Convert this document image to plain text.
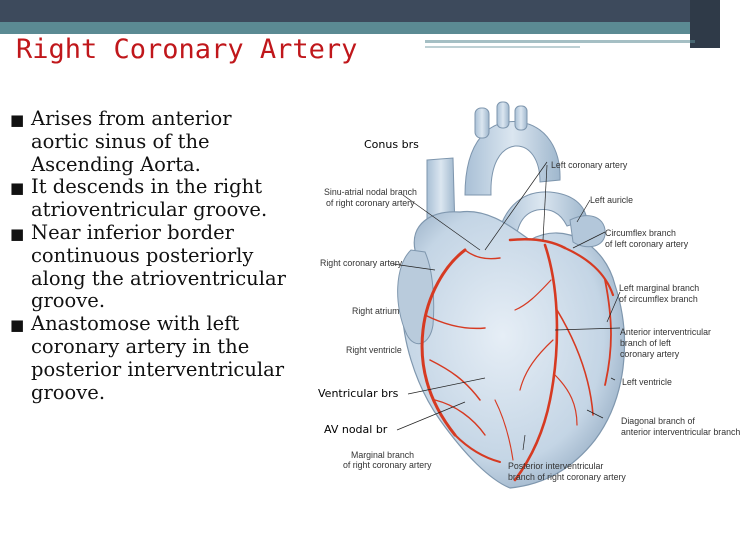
Right Coronary Artery
■ Arises from anterior
aortic sinus of the
Ascending Aorta.
■ It descends in the right
atrioventricular groove.
■ Near inferior border
continuous posteriorly
along the atrioventricular
groove.
■ Anastomose with left
coronary artery in the
posterior interventricular
groove.
Conus brs
Sinu-atrial nodal branch
of right coronary artery
Right coronary artery
Right atrium
Right ventricle
Ventricular brs
AV nodal br
Marginal branch
of right coronary artery
Left coronary artery
Left auricle
Circumflex branch
of left coronary artery
Left marginal branch
of circumflex branch
Anterior interventricular
branch of left
coronary artery
Left ventricle
Diagonal branch of
anterior interventricular branch
Posterior interventricular
branch of right coronary artery
